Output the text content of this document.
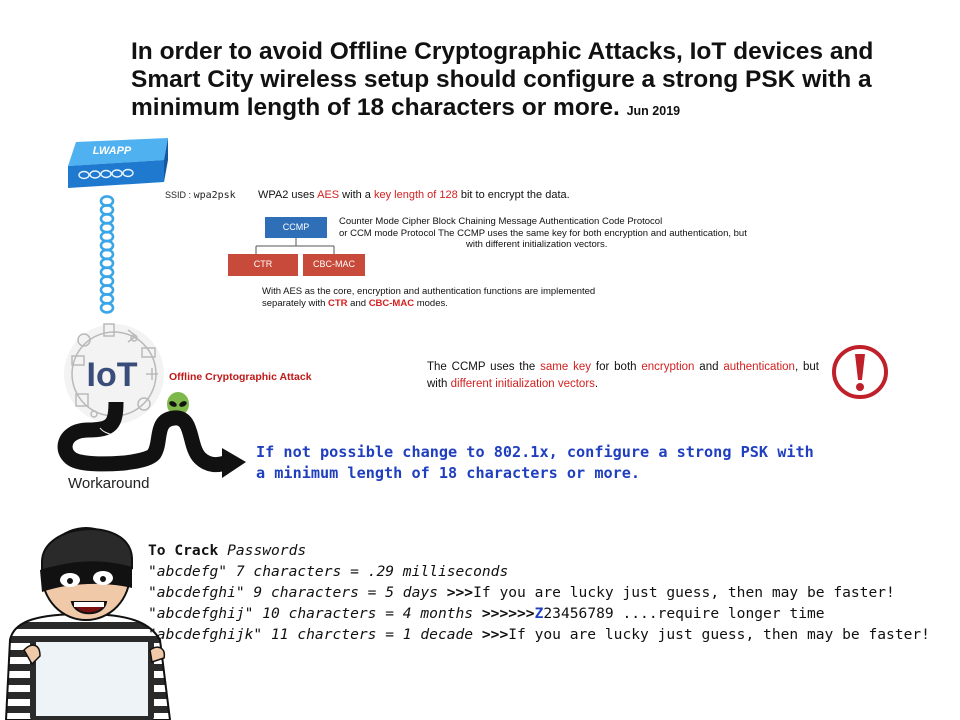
In order to avoid Offline Cryptographic Attacks, IoT devices and Smart City wireless setup should configure a strong PSK with a minimum length of 18 characters or more. Jun 2019
LWAPP
SSID : wpa2psk WPA2 uses AES with a key length of 128 bit to encrypt the data.
CCMP
CTR	CBC-MAC
Counter Mode Cipher Block Chaining Message Authentication Code Protocol
or CCM mode Protocol The CCMP uses the same key for both encryption and authentication, but
with different initialization vectors.
With AES as the core, encryption and authentication functions are implemented
separately with CTR and CBC-MAC modes.
IoT	Offline Cryptographic Attack
Workaround
The CCMP uses the same key for both encryption and authentication, but with different initialization vectors.
If not possible change to 802.1x, configure a strong PSK with
a minimum length of 18 characters or more.
To Crack Passwords
"abcdefg" 7 characters = .29 milliseconds
"abcdefghi" 9 characters = 5 days >>>If you are lucky just guess, then may be faster!
"abcdefghij" 10 characters = 4 months >>>>>>Z23456789 ....require longer time
"abcdefghijk" 11 charcters = 1 decade >>>If you are lucky just guess, then may be faster!
